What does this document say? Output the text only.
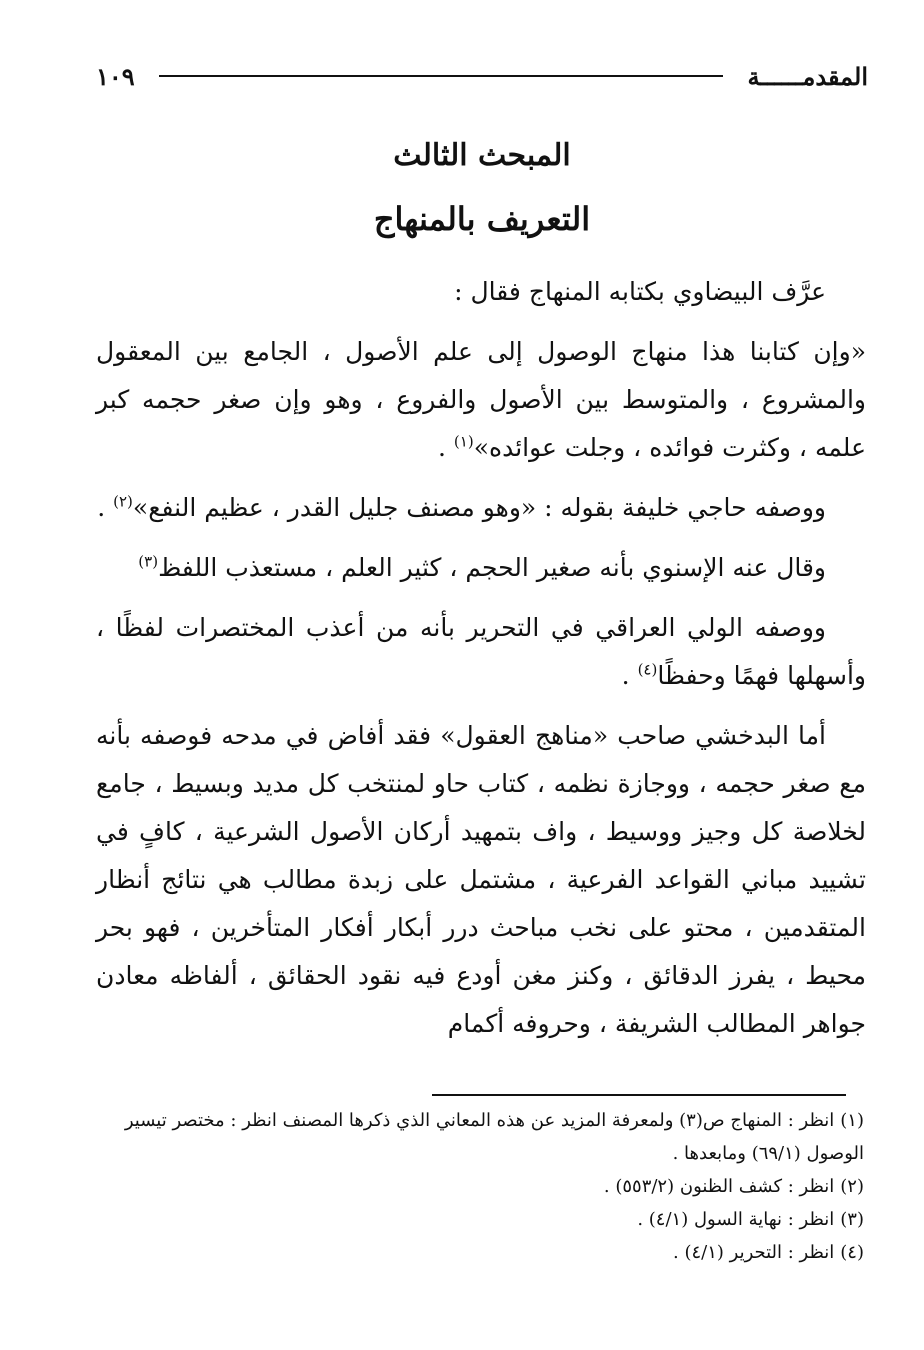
المقدمــــــة
١٠٩
المبحث الثالث
التعريف بالمنهاج

عرَّف البيضاوي بكتابه المنهاج فقال :

«وإن كتابنا هذا منهاج الوصول إلى علم الأصول ، الجامع بين المعقول والمشروع ، والمتوسط بين الأصول والفروع ، وهو وإن صغر حجمه كبر علمه ، وكثرت فوائده ، وجلت عوائده»$^{(١)}$ .

ووصفه حاجي خليفة بقوله : «وهو مصنف جليل القدر ، عظيم النفع»$^{(٢)}$ .

وقال عنه الإسنوي بأنه صغير الحجم ، كثير العلم ، مستعذب اللفظ$^{(٣)}$

ووصفه الولي العراقي في التحرير بأنه من أعذب المختصرات لفظًا ، وأسهلها فهمًا وحفظًا$^{(٤)}$ .

أما البدخشي صاحب «مناهج العقول» فقد أفاض في مدحه فوصفه بأنه مع صغر حجمه ، ووجازة نظمه ، كتاب حاو لمنتخب كل مديد وبسيط ، جامع لخلاصة كل وجيز ووسيط ، واف بتمهيد أركان الأصول الشرعية ، كافٍ في تشييد مباني القواعد الفرعية ، مشتمل على زبدة مطالب هي نتائج أنظار المتقدمين ، محتو على نخب مباحث درر أبكار أفكار المتأخرين ، فهو بحر محيط ، يفرز الدقائق ، وكنز مغن أودع فيه نقود الحقائق ، ألفاظه معادن جواهر المطالب الشريفة ، وحروفه أكمام

(١)انظر : المنهاج ص(٣) ولمعرفة المزيد عن هذه المعاني الذي ذكرها المصنف انظر : مختصر تيسير الوصول (٦٩/١) ومابعدها .

(٢)انظر : كشف الظنون (٥٥٣/٢) .

(٣)انظر : نهاية السول (٤/١) .

(٤)انظر : التحرير (٤/١) .
